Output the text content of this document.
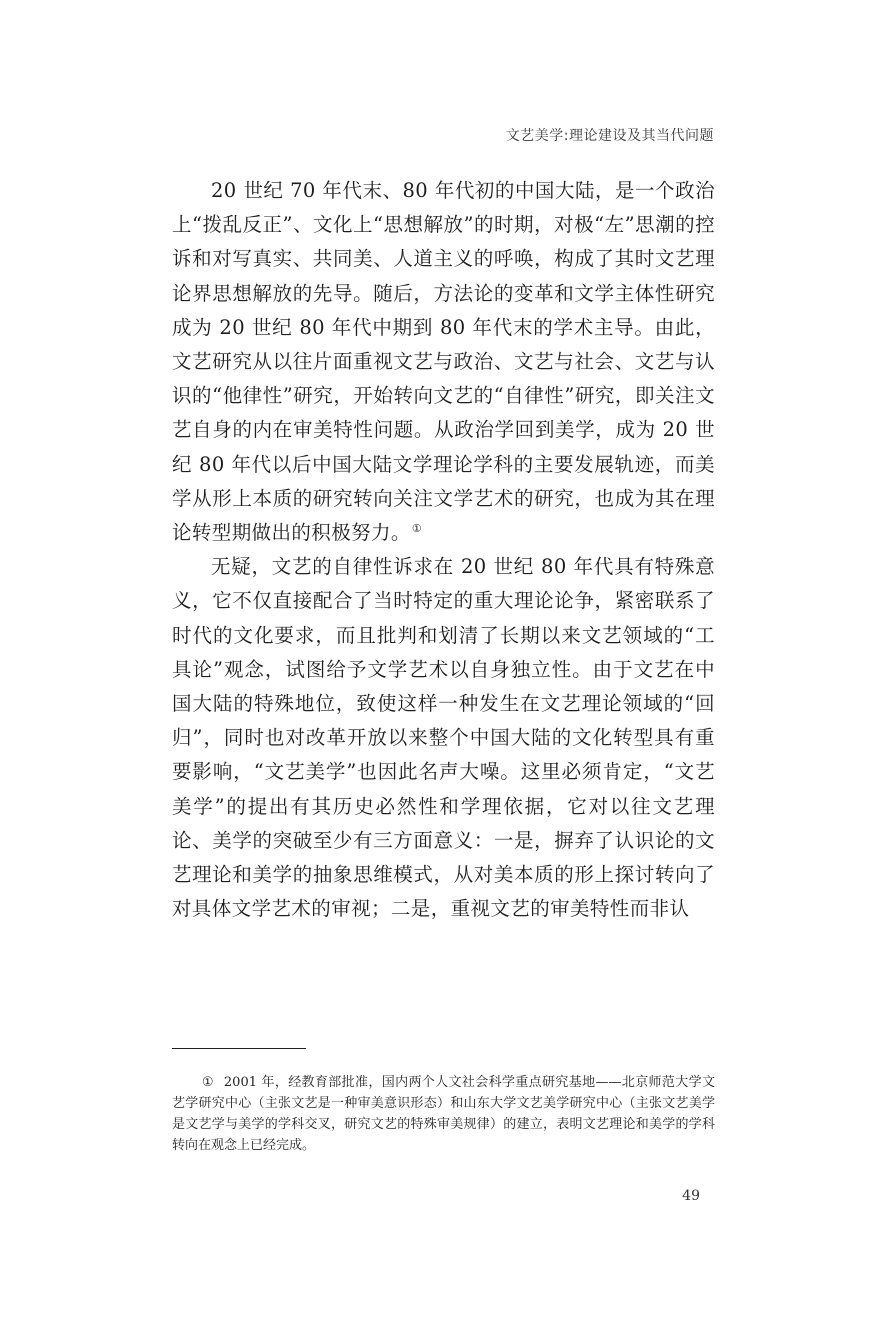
文艺美学:理论建设及其当代问题

20 世纪 70 年代末、80 年代初的中国大陆，是一个政治上“拨乱反正”、文化上“思想解放”的时期，对极“左”思潮的控诉和对写真实、共同美、人道主义的呼唤，构成了其时文艺理论界思想解放的先导。随后，方法论的变革和文学主体性研究成为 20 世纪 80 年代中期到 80 年代末的学术主导。由此，文艺研究从以往片面重视文艺与政治、文艺与社会、文艺与认识的“他律性”研究，开始转向文艺的“自律性”研究，即关注文艺自身的内在审美特性问题。从政治学回到美学，成为 20 世纪 80 年代以后中国大陆文学理论学科的主要发展轨迹，而美学从形上本质的研究转向关注文学艺术的研究，也成为其在理论转型期做出的积极努力。①

无疑，文艺的自律性诉求在 20 世纪 80 年代具有特殊意义，它不仅直接配合了当时特定的重大理论论争，紧密联系了时代的文化要求，而且批判和划清了长期以来文艺领域的“工具论”观念，试图给予文学艺术以自身独立性。由于文艺在中国大陆的特殊地位，致使这样一种发生在文艺理论领域的“回归”，同时也对改革开放以来整个中国大陆的文化转型具有重要影响，“文艺美学”也因此名声大噪。这里必须肯定，“文艺美学”的提出有其历史必然性和学理依据，它对以往文艺理论、美学的突破至少有三方面意义：一是，摒弃了认识论的文艺理论和美学的抽象思维模式，从对美本质的形上探讨转向了对具体文学艺术的审视；二是，重视文艺的审美特性而非认

① 2001 年，经教育部批准，国内两个人文社会科学重点研究基地——北京师范大学文艺学研究中心（主张文艺是一种审美意识形态）和山东大学文艺美学研究中心（主张文艺美学是文艺学与美学的学科交叉，研究文艺的特殊审美规律）的建立，表明文艺理论和美学的学科转向在观念上已经完成。

49
